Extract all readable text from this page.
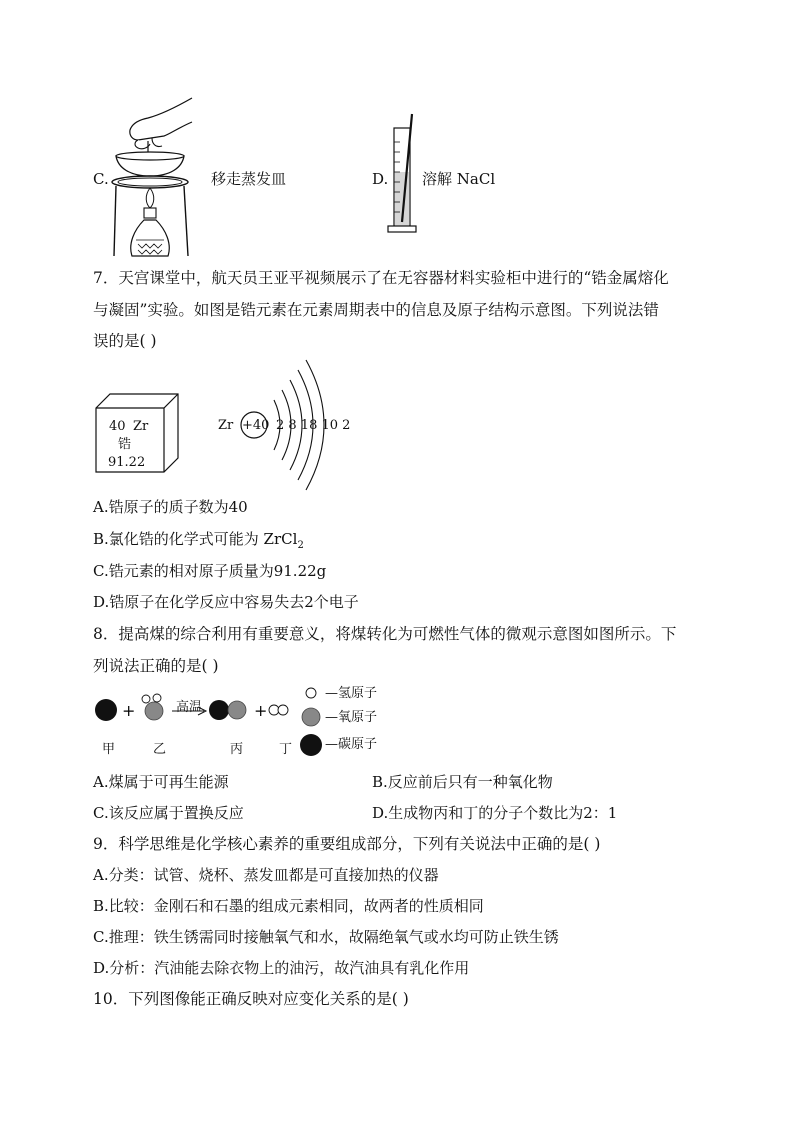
C.	移走蒸发皿	D. 溶解 NaCl
7．天宫课堂中，航天员王亚平视频展示了在无容器材料实验柜中进行的“锆金属熔化
与凝固”实验。如图是锆元素在元素周期表中的信息及原子结构示意图。下列说法错
误的是( )
40 Zr
锆
91.22
Zr +40 2 8 18 10 2
A.锆原子的质子数为40
B.氯化锆的化学式可能为 ZrCl$_2$
C.锆元素的相对原子质量为91.22g
D.锆原子在化学反应中容易失去2个电子
8．提高煤的综合利用有重要意义，将煤转化为可燃性气体的微观示意图如图所示。下
列说法正确的是( )
+	+
高温
—氢原子
—氧原子
—碳原子
甲	乙	丙	丁
A.煤属于可再生能源	B.反应前后只有一种氧化物
C.该反应属于置换反应	D.生成物丙和丁的分子个数比为2：1
9．科学思维是化学核心素养的重要组成部分，下列有关说法中正确的是( )
A.分类：试管、烧杯、蒸发皿都是可直接加热的仪器
B.比较：金刚石和石墨的组成元素相同，故两者的性质相同
C.推理：铁生锈需同时接触氧气和水，故隔绝氧气或水均可防止铁生锈
D.分析：汽油能去除衣物上的油污，故汽油具有乳化作用
10．下列图像能正确反映对应变化关系的是( )
